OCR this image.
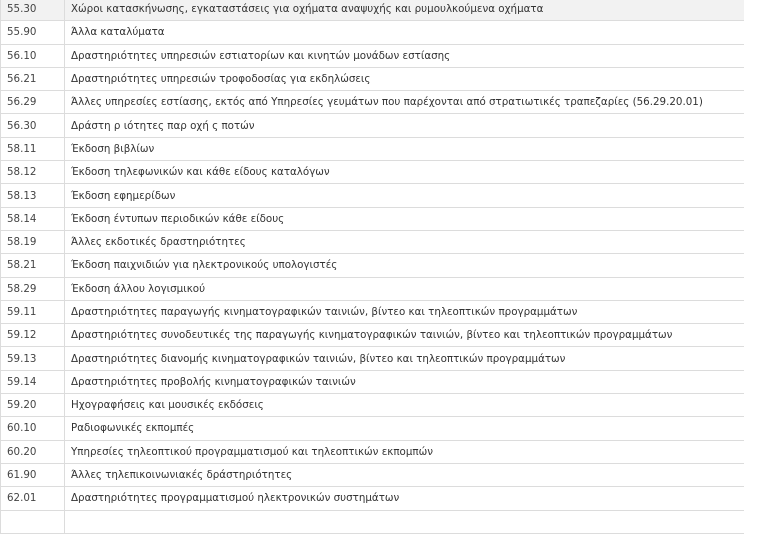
55.30	Χώροι κατασκήνωσης, εγκαταστάσεις για οχήματα αναψυχής και ρυμουλκούμενα οχήματα
55.90	Άλλα καταλύματα
56.10	Δραστηριότητες υπηρεσιών εστιατορίων και κινητών μονάδων εστίασης
56.21	Δραστηριότητες υπηρεσιών τροφοδοσίας για εκδηλώσεις
56.29	Άλλες υπηρεσίες εστίασης, εκτός από Υπηρεσίες γευμάτων που παρέχονται από στρατιωτικές τραπεζαρίες (56.29.20.01)
56.30	Δράστη ρ ιότητες παρ οχή ς ποτών
58.11	Έκδοση βιβλίων
58.12	Έκδοση τηλεφωνικών και κάθε είδους καταλόγων
58.13	Έκδοση εφημερίδων
58.14	Έκδοση έντυπων περιοδικών κάθε είδους
58.19	Άλλες εκδοτικές δραστηριότητες
58.21	Έκδοση παιχνιδιών για ηλεκτρονικούς υπολογιστές
58.29	Έκδοση άλλου λογισμικού
59.11	Δραστηριότητες παραγωγής κινηματογραφικών ταινιών, βίντεο και τηλεοπτικών προγραμμάτων
59.12	Δραστηριότητες συνοδευτικές της παραγωγής κινηματογραφικών ταινιών, βίντεο και τηλεοπτικών προγραμμάτων
59.13	Δραστηριότητες διανομής κινηματογραφικών ταινιών, βίντεο και τηλεοπτικών προγραμμάτων
59.14	Δραστηριότητες προβολής κινηματογραφικών ταινιών
59.20	Ηχογραφήσεις και μουσικές εκδόσεις
60.10	Ραδιοφωνικές εκπομπές
60.20	Υπηρεσίες τηλεοπτικού προγραμματισμού και τηλεοπτικών εκπομπών
61.90	Άλλες τηλεπικοινωνιακές δράστηριότητες
62.01	Δραστηριότητες προγραμματισμού ηλεκτρονικών συστημάτων
